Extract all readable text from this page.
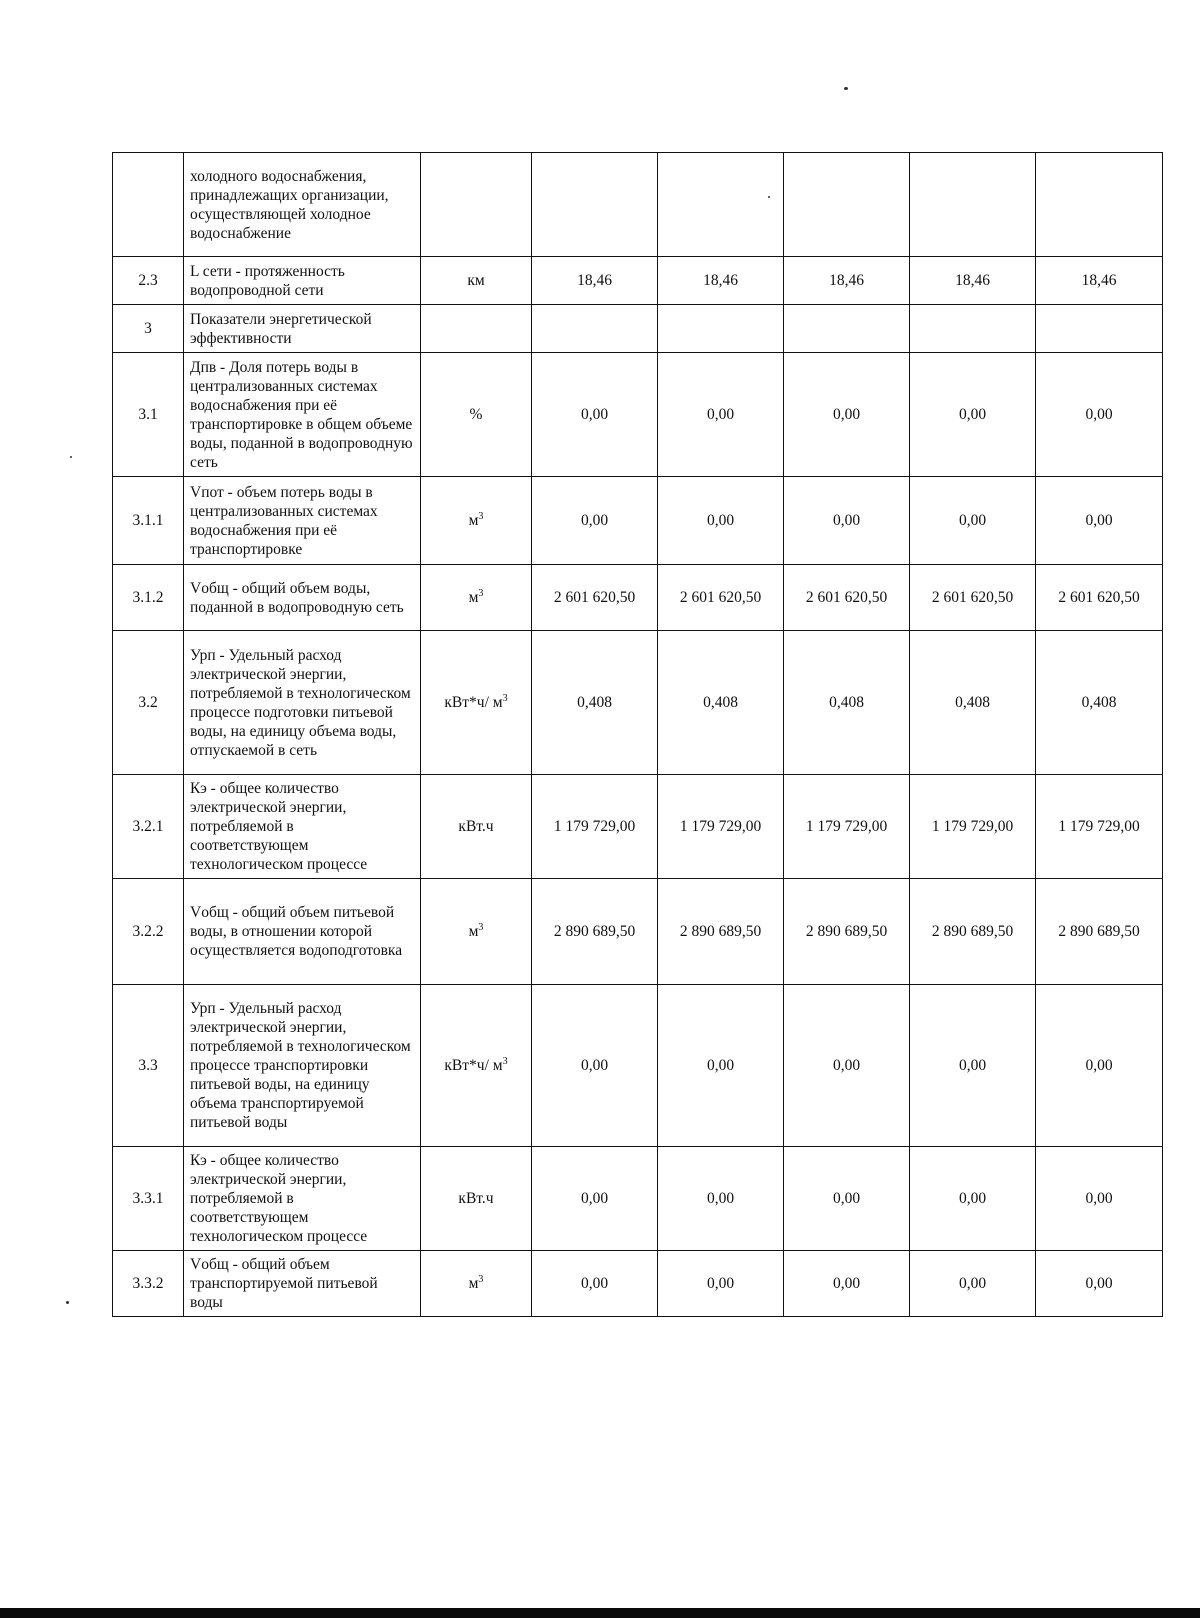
	холодного водоснабжения, принадлежащих организации, осуществляющей холодное водоснабжение						
2.3	L сети - протяженность водопроводной сети	км	18,46	18,46	18,46	18,46	18,46
3	Показатели энергетической эффективности						
3.1	Дпв - Доля потерь воды в централизованных системах водоснабжения при её транспортировке в общем объеме воды, поданной в водопроводную сеть	%	0,00	0,00	0,00	0,00	0,00
3.1.1	Vпот - объем потерь воды в централизованных системах водоснабжения при её транспортировке	$м^3$	0,00	0,00	0,00	0,00	0,00
3.1.2	Vобщ - общий объем воды, поданной в водопроводную сеть	$м^3$	2 601 620,50	2 601 620,50	2 601 620,50	2 601 620,50	2 601 620,50
3.2	Урп - Удельный расход электрической энергии, потребляемой в технологическом процессе подготовки питьевой воды, на единицу объема воды, отпускаемой в сеть	кВт*ч/ $м^3$	0,408	0,408	0,408	0,408	0,408
3.2.1	Кэ - общее количество электрической энергии, потребляемой в соответствующем технологическом процессе	кВт.ч	1 179 729,00	1 179 729,00	1 179 729,00	1 179 729,00	1 179 729,00
3.2.2	Vобщ - общий объем питьевой воды, в отношении которой осуществляется водоподготовка	$м^3$	2 890 689,50	2 890 689,50	2 890 689,50	2 890 689,50	2 890 689,50
3.3	Урп - Удельный расход электрической энергии, потребляемой в технологическом процессе транспортировки питьевой воды, на единицу объема транспортируемой питьевой воды	кВт*ч/ $м^3$	0,00	0,00	0,00	0,00	0,00
3.3.1	Кэ - общее количество электрической энергии, потребляемой в соответствующем технологическом процессе	кВт.ч	0,00	0,00	0,00	0,00	0,00
3.3.2	Vобщ - общий объем транспортируемой питьевой воды	$м^3$	0,00	0,00	0,00	0,00	0,00
